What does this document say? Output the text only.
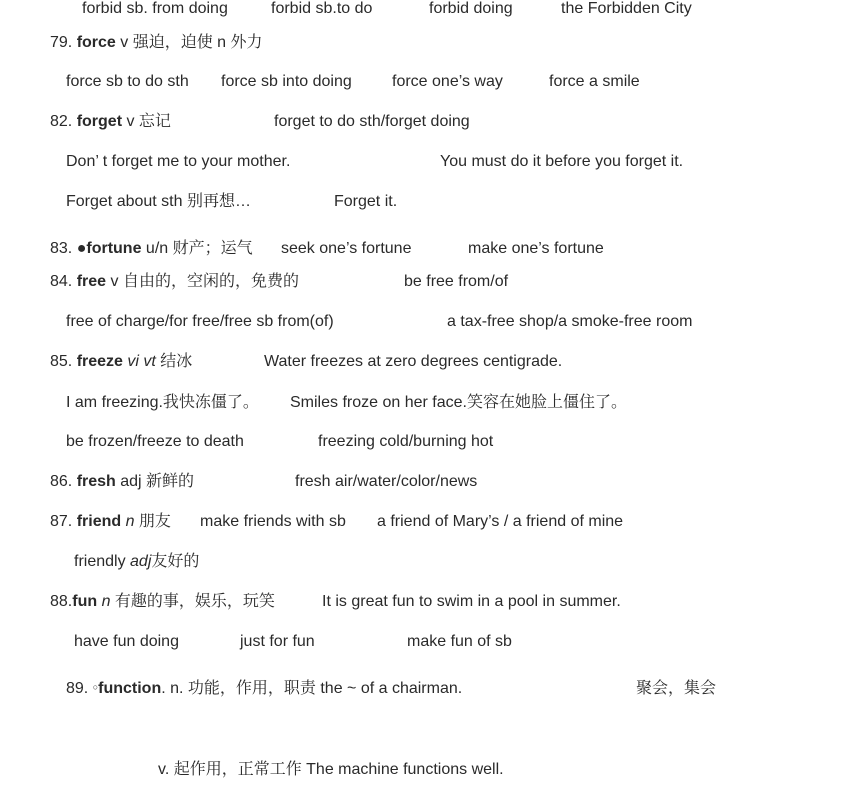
forbid sb. from doing	forbid sb.to do	forbid doing	the Forbidden City
79. force v 强迫，迫使 n 外力
force sb to do sth force sb into doing	force one’s way	force a smile
82. forget v 忘记	forget to do sth/forget doing
Don’ t forget me to your mother.	You must do it before you forget it.
Forget about sth 别再想…	Forget it.
83. ●fortune u/n 财产；运气 seek one’s fortune	make one’s fortune
84. free v 自由的，空闲的，免费的	be free from/of
free of charge/for free/free sb from(of)	a tax-free shop/a smoke-free room
85. freeze vi vt 结冰	Water freezes at zero degrees centigrade.
I am freezing.我快冻僵了。 Smiles froze on her face.笑容在她脸上僵住了。
be frozen/freeze to death	freezing cold/burning hot
86. fresh adj 新鲜的	fresh air/water/color/news
87. friend n 朋友 make friends with sb a friend of Mary’s / a friend of mine
friendly adj友好的
88.fun n 有趣的事，娱乐，玩笑	It is great fun to swim in a pool in summer.
have fun doing	just for fun	make fun of sb
89. ○function. n. 功能，作用，职责 the ~ of a chairman.	聚会，集会
v. 起作用，正常工作 The machine functions well.
